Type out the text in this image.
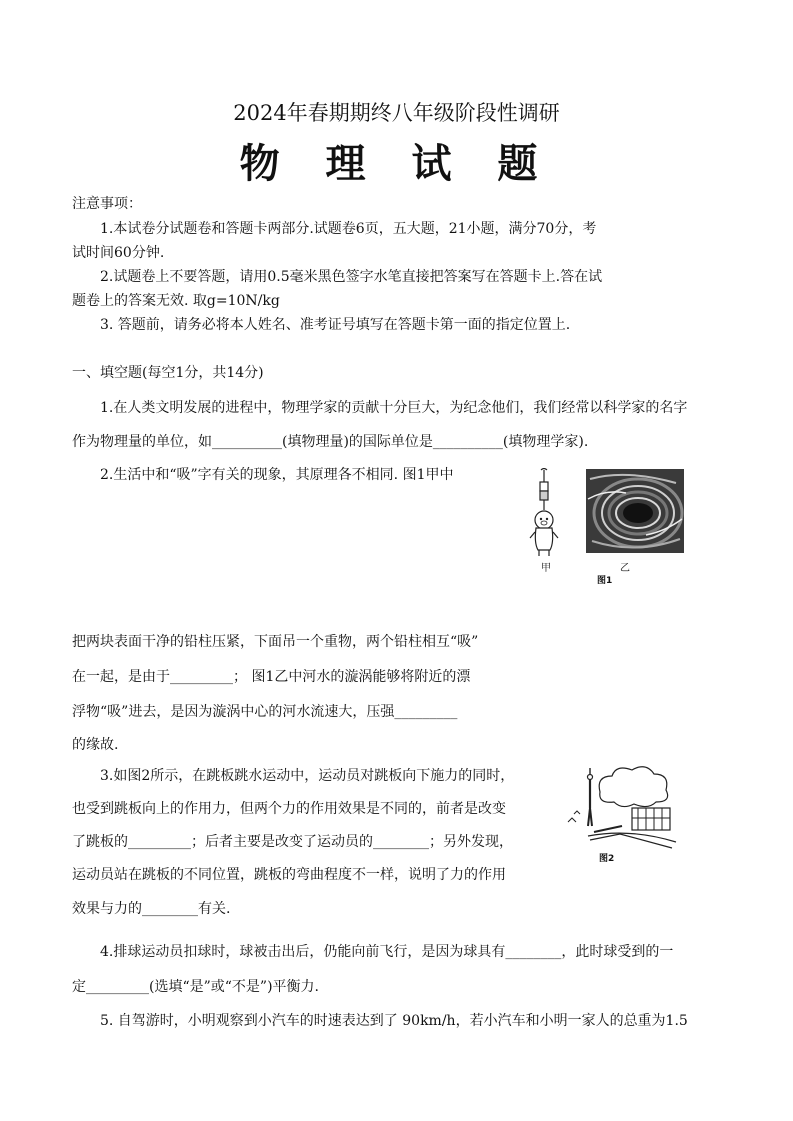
2024年春期期终八年级阶段性调研
物 理 试 题
注意事项：
1.本试卷分试题卷和答题卡两部分.试题卷6页，五大题，21小题，满分70分，考
试时间60分钟.
2.试题卷上不要答题，请用0.5毫米黑色签字水笔直接把答案写在答题卡上.答在试
题卷上的答案无效. 取g=10N/kg
3. 答题前，请务必将本人姓名、准考证号填写在答题卡第一面的指定位置上.
一、填空题(每空1分，共14分)
1.在人类文明发展的进程中，物理学家的贡献十分巨大，为纪念他们，我们经常以科学家的名字
作为物理量的单位，如__________(填物理量)的国际单位是__________(填物理学家).
2.生活中和“吸”字有关的现象，其原理各不相同. 图1甲中
甲	乙
图1
把两块表面干净的铅柱压紧，下面吊一个重物，两个铅柱相互“吸”
在一起，是由于_________； 图1乙中河水的漩涡能够将附近的漂
浮物“吸”进去，是因为漩涡中心的河水流速大，压强_________
的缘故.
3.如图2所示，在跳板跳水运动中，运动员对跳板向下施力的同时，
也受到跳板向上的作用力，但两个力的作用效果是不同的，前者是改变
了跳板的_________；后者主要是改变了运动员的________；另外发现，
运动员站在跳板的不同位置，跳板的弯曲程度不一样，说明了力的作用
效果与力的________有关.
图2
4.排球运动员扣球时，球被击出后，仍能向前飞行，是因为球具有________，此时球受到的一
定_________(选填“是”或“不是”)平衡力.
5. 自驾游时，小明观察到小汽车的时速表达到了 90km/h，若小汽车和小明一家人的总重为1.5
